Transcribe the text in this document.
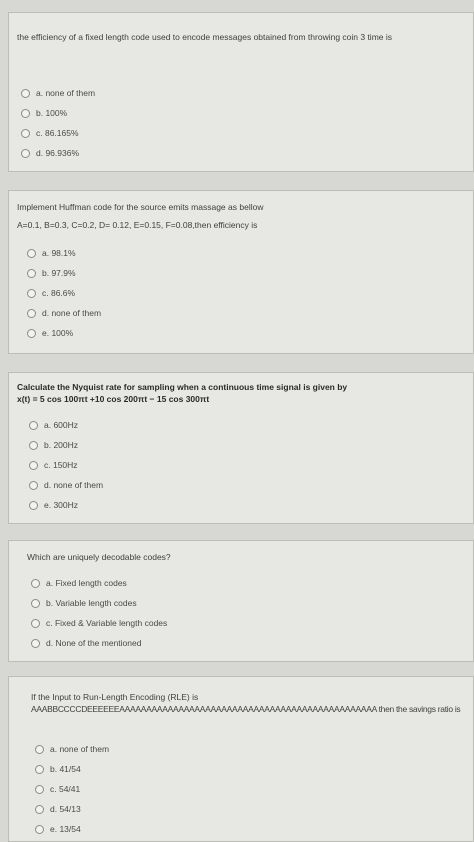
the efficiency of a fixed length code used to encode messages obtained from throwing coin 3 time is
a. none of them
b. 100%
c. 86.165%
d. 96.936%
Implement Huffman code for the source emits massage as bellow
A=0.1, B=0.3, C=0.2, D= 0.12, E=0.15, F=0.08,then efficiency is
a. 98.1%
b. 97.9%
c. 86.6%
d. none of them
e. 100%
Calculate the Nyquist rate for sampling when a continuous time signal is given by
x(t) = 5 cos 100πt +10 cos 200πt − 15 cos 300πt
a. 600Hz
b. 200Hz
c. 150Hz
d. none of them
e. 300Hz
Which are uniquely decodable codes?
a. Fixed length codes
b. Variable length codes
c. Fixed & Variable length codes
d. None of the mentioned
If the Input to Run-Length Encoding (RLE) is
AAABBCCCCDEEEEEEAAAAAAAAAAAAAAAAAAAAAAAAAAAAAAAAAAAAAAAAAAAAAAAA then the savings ratio is
a. none of them
b. 41/54
c. 54/41
d. 54/13
e. 13/54
